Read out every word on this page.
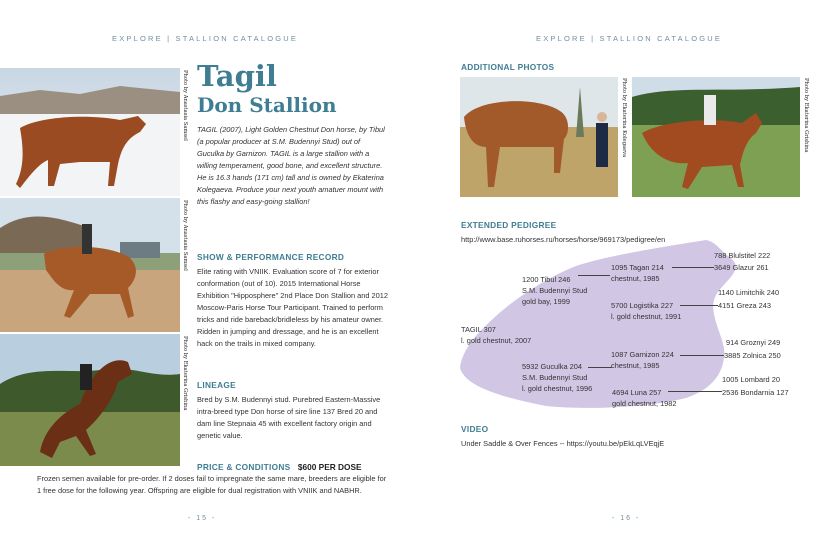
EXPLORE | STALLION CATALOGUE
Photo by Anastasia Samsel
Photo by Anastasia Samsel
Photo by Ekaterina Grishina
Tagil
Don Stallion
TAGIL (2007), Light Golden Chestnut Don horse, by Tibul (a popular producer at S.M. Budennyi Stud) out of Guculka by Garnizon. TAGIL is a large stallion with a willing temperament, good bone, and excellent structure. He is 16.3 hands (171 cm) tall and is owned by Ekaterina Kolegaeva. Produce your next youth amatuer mount with this flashy and easy-going stallion!
SHOW & PERFORMANCE RECORD
Elite rating with VNIIK. Evaluation score of 7 for exterior conformation (out of 10). 2015 International Horse Exhibition "Hipposphere" 2nd Place Don Stallion and 2012 Moscow-Paris Horse Tour Participant. Trained to perform tricks and ride bareback/bridleless by his amateur owner. Ridden in jumping and dressage, and he is an excellent hack on the trails in mixed company.
LINEAGE
Bred by S.M. Budennyi stud. Purebred Eastern-Massive intra-breed type Don horse of sire line 137 Bred 20 and dam line Stepnaia 45 with excellent factory origin and genetic value.
PRICE & CONDITIONS $600 PER DOSE
Frozen semen available for pre-order. If 2 doses fail to impregnate the same mare, breeders are eligible for 1 free dose for the following year. Offspring are eligible for dual registration with VNIIK and NABHR.
- 15 -
EXPLORE | STALLION CATALOGUE
ADDITIONAL PHOTOS
Photo by Ekaterina Kolegaeva	Photo by Ekaterina Grishina
EXTENDED PEDIGREE
http://www.base.ruhorses.ru/horses/horse/969173/pedigree/en
TAGIL 307
l. gold chestnut, 2007
1200 Tibul 246
S.M. Budennyi Stud
gold bay, 1999
5932 Guculka 204
S.M. Budennyi Stud
l. gold chestnut, 1996
1095 Tagan 214
chestnut, 1985
5700 Logistika 227
l. gold chestnut, 1991
1087 Garnizon 224
chestnut, 1985
4694 Luna 257
gold chestnut, 1982
788 Blulstitel 222
3649 Glazur 261
1140 Limitchik 240
4151 Greza 243
914 Groznyi 249
3885 Zolnica 250
1005 Lombard 20
2536 Bondarnia 127
VIDEO
Under Saddle & Over Fences -- https://youtu.be/pEkLqLVEqjE
- 16 -
